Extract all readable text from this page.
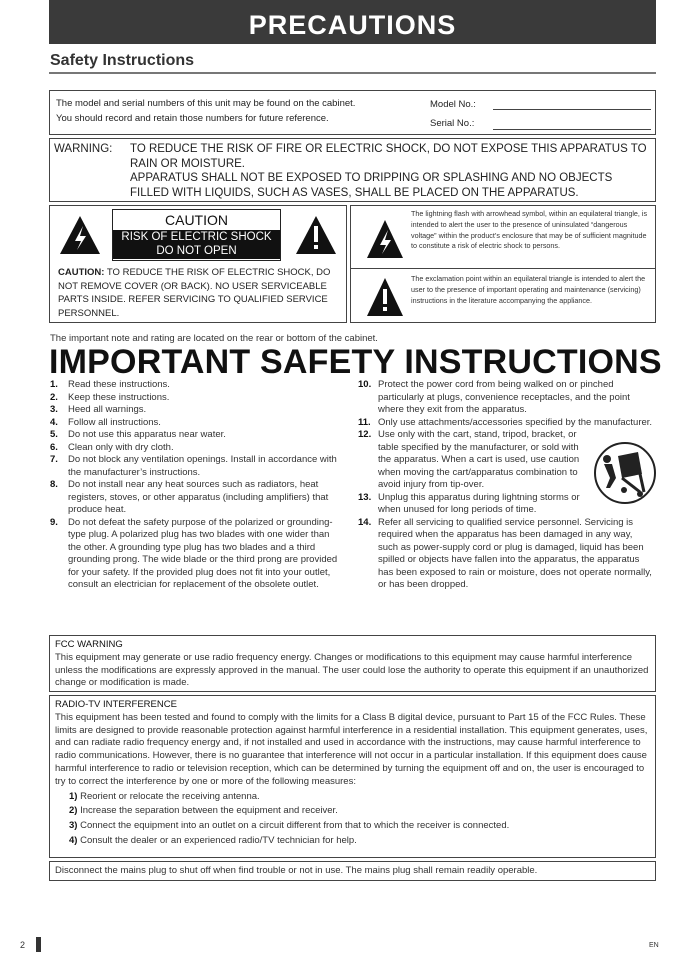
PRECAUTIONS
Safety Instructions
The model and serial numbers of this unit may be found on the cabinet.
You should record and retain those numbers for future reference.
Model No.:
Serial No.:
WARNING: TO REDUCE THE RISK OF FIRE OR ELECTRIC SHOCK, DO NOT EXPOSE THIS APPARATUS TO RAIN OR MOISTURE.
APPARATUS SHALL NOT BE EXPOSED TO DRIPPING OR SPLASHING AND NO OBJECTS FILLED WITH LIQUIDS, SUCH AS VASES, SHALL BE PLACED ON THE APPARATUS.
CAUTION
RISK OF ELECTRIC SHOCK
DO NOT OPEN
CAUTION: TO REDUCE THE RISK OF ELECTRIC SHOCK, DO NOT REMOVE COVER (OR BACK). NO USER SERVICEABLE PARTS INSIDE. REFER SERVICING TO QUALIFIED SERVICE PERSONNEL.
The lightning flash with arrowhead symbol, within an equilateral triangle, is intended to alert the user to the presence of uninsulated “dangerous voltage” within the product’s enclosure that may be of sufficient magnitude to constitute a risk of electric shock to persons.
The exclamation point within an equilateral triangle is intended to alert the user to the presence of important operating and maintenance (servicing) instructions in the literature accompanying the appliance.
The important note and rating are located on the rear or bottom of the cabinet.
IMPORTANT SAFETY INSTRUCTIONS
1. Read these instructions.
2. Keep these instructions.
3. Heed all warnings.
4. Follow all instructions.
5. Do not use this apparatus near water.
6. Clean only with dry cloth.
7. Do not block any ventilation openings. Install in accordance with the manufacturer’s instructions.
8. Do not install near any heat sources such as radiators, heat registers, stoves, or other apparatus (including amplifiers) that produce heat.
9. Do not defeat the safety purpose of the polarized or grounding-type plug. A polarized plug has two blades with one wider than the other. A grounding type plug has two blades and a third grounding prong. The wide blade or the third prong are provided for your safety. If the provided plug does not fit into your outlet, consult an electrician for replacement of the obsolete outlet.
10. Protect the power cord from being walked on or pinched particularly at plugs, convenience receptacles, and the point where they exit from the apparatus.
11. Only use attachments/accessories specified by the manufacturer.
12. Use only with the cart, stand, tripod, bracket, or table specified by the manufacturer, or sold with the apparatus. When a cart is used, use caution when moving the cart/apparatus combination to avoid injury from tip-over.
13. Unplug this apparatus during lightning storms or when unused for long periods of time.
14. Refer all servicing to qualified service personnel. Servicing is required when the apparatus has been damaged in any way, such as power-supply cord or plug is damaged, liquid has been spilled or objects have fallen into the apparatus, the apparatus has been exposed to rain or moisture, does not operate normally, or has been dropped.
FCC WARNING
This equipment may generate or use radio frequency energy. Changes or modifications to this equipment may cause harmful interference unless the modifications are expressly approved in the manual. The user could lose the authority to operate this equipment if an unauthorized change or modification is made.
RADIO-TV INTERFERENCE
This equipment has been tested and found to comply with the limits for a Class B digital device, pursuant to Part 15 of the FCC Rules. These limits are designed to provide reasonable protection against harmful interference in a residential installation. This equipment generates, uses, and can radiate radio frequency energy and, if not installed and used in accordance with the instructions, may cause harmful interference to radio communications. However, there is no guarantee that interference will not occur in a particular installation. If this equipment does cause harmful interference to radio or television reception, which can be determined by turning the equipment off and on, the user is encouraged to try to correct the interference by one or more of the following measures:
1) Reorient or relocate the receiving antenna.
2) Increase the separation between the equipment and receiver.
3) Connect the equipment into an outlet on a circuit different from that to which the receiver is connected.
4) Consult the dealer or an experienced radio/TV technician for help.
Disconnect the mains plug to shut off when find trouble or not in use. The mains plug shall remain readily operable.
2	EN
